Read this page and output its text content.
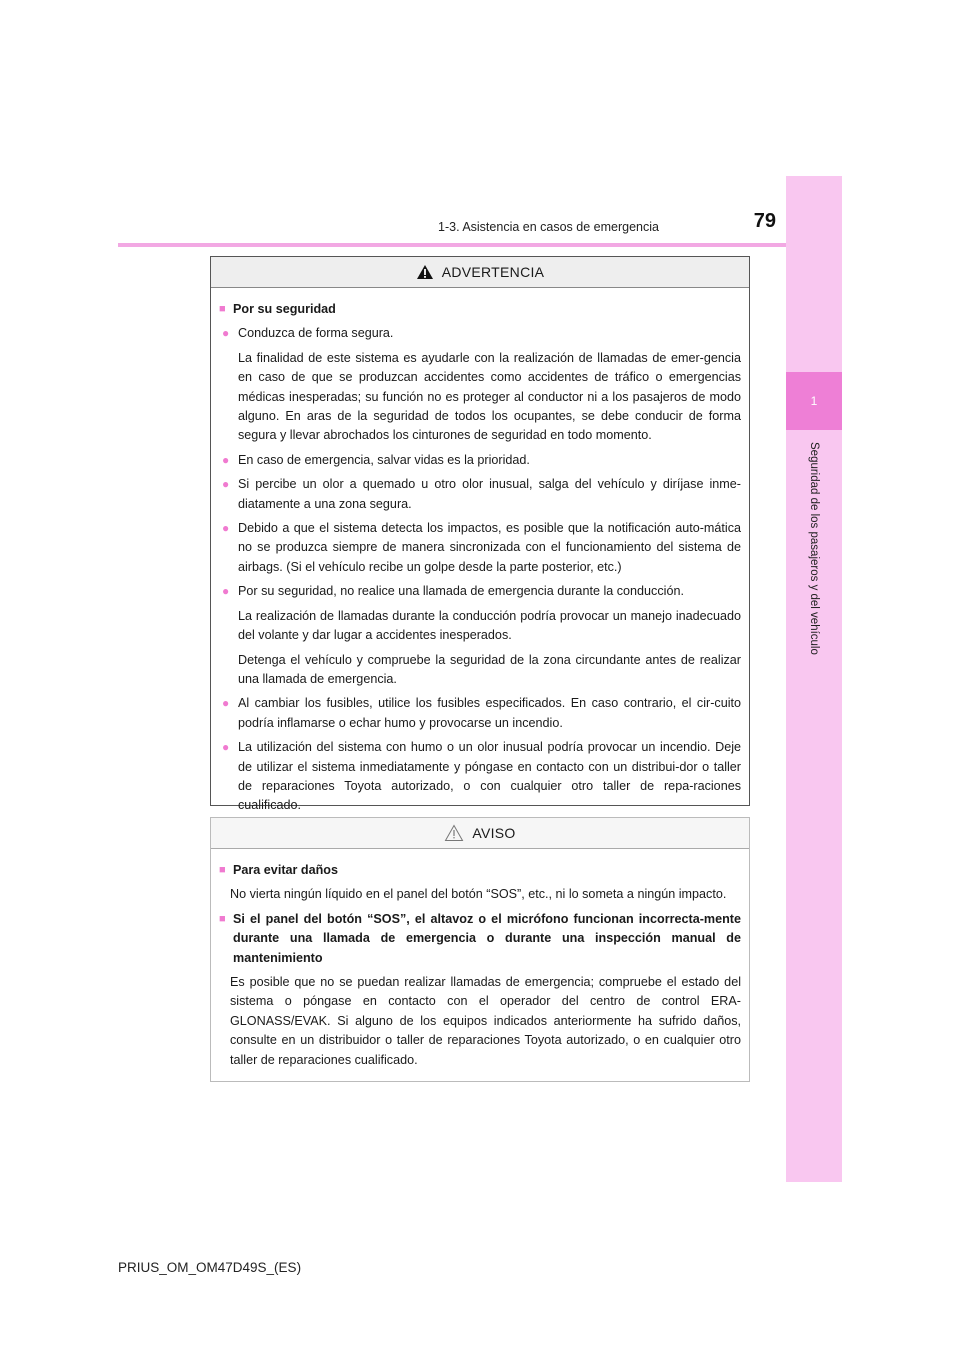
1
Seguridad de los pasajeros y del vehículo
1-3. Asistencia en casos de emergencia	79
ADVERTENCIA
■ Por su seguridad
● Conduzca de forma segura.
La finalidad de este sistema es ayudarle con la realización de llamadas de emer-gencia en caso de que se produzcan accidentes como accidentes de tráfico o emergencias médicas inesperadas; su función no es proteger al conductor ni a los pasajeros de modo alguno. En aras de la seguridad de todos los ocupantes, se debe conducir de forma segura y llevar abrochados los cinturones de seguridad en todo momento.
● En caso de emergencia, salvar vidas es la prioridad.
● Si percibe un olor a quemado u otro olor inusual, salga del vehículo y diríjase inme-diatamente a una zona segura.
● Debido a que el sistema detecta los impactos, es posible que la notificación auto-mática no se produzca siempre de manera sincronizada con el funcionamiento del sistema de airbags. (Si el vehículo recibe un golpe desde la parte posterior, etc.)
● Por su seguridad, no realice una llamada de emergencia durante la conducción.
La realización de llamadas durante la conducción podría provocar un manejo inadecuado del volante y dar lugar a accidentes inesperados.
Detenga el vehículo y compruebe la seguridad de la zona circundante antes de realizar una llamada de emergencia.
● Al cambiar los fusibles, utilice los fusibles especificados. En caso contrario, el cir-cuito podría inflamarse o echar humo y provocarse un incendio.
● La utilización del sistema con humo o un olor inusual podría provocar un incendio. Deje de utilizar el sistema inmediatamente y póngase en contacto con un distribui-dor o taller de reparaciones Toyota autorizado, o con cualquier otro taller de repa-raciones cualificado.
AVISO
■ Para evitar daños
No vierta ningún líquido en el panel del botón “SOS”, etc., ni lo someta a ningún impacto.
■ Si el panel del botón “SOS”, el altavoz o el micrófono funcionan incorrecta-mente durante una llamada de emergencia o durante una inspección manual de mantenimiento
Es posible que no se puedan realizar llamadas de emergencia; compruebe el estado del sistema o póngase en contacto con el operador del centro de control ERA-GLONASS/EVAK. Si alguno de los equipos indicados anteriormente ha sufrido daños, consulte en un distribuidor o taller de reparaciones Toyota autorizado, o en cualquier otro taller de reparaciones cualificado.
PRIUS_OM_OM47D49S_(ES)
